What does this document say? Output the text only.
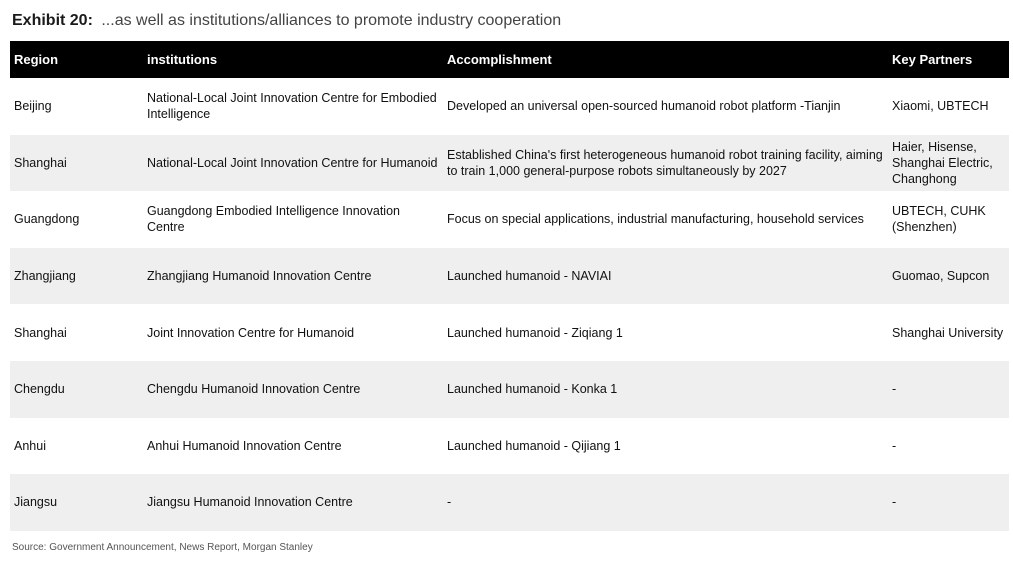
Exhibit 20: ...as well as institutions/alliances to promote industry cooperation
Region	institutions	Accomplishment	Key Partners
Beijing	National-Local Joint Innovation Centre for Embodied Intelligence	Developed an universal open-sourced humanoid robot platform -Tianjin	Xiaomi, UBTECH
Shanghai	National-Local Joint Innovation Centre for Humanoid	Established China's first heterogeneous humanoid robot training facility, aiming to train 1,000 general-purpose robots simultaneously by 2027	Haier, Hisense, Shanghai Electric, Changhong
Guangdong	Guangdong Embodied Intelligence Innovation Centre	Focus on special applications, industrial manufacturing, household services	UBTECH, CUHK (Shenzhen)
Zhangjiang	Zhangjiang Humanoid Innovation Centre	Launched humanoid - NAVIAI	Guomao, Supcon
Shanghai	Joint Innovation Centre for Humanoid	Launched humanoid - Ziqiang 1	Shanghai University
Chengdu	Chengdu Humanoid Innovation Centre	Launched humanoid - Konka 1	-
Anhui	Anhui Humanoid Innovation Centre	Launched humanoid - Qijiang 1	-
Jiangsu	Jiangsu Humanoid Innovation Centre	-	-
Source: Government Announcement, News Report, Morgan Stanley
